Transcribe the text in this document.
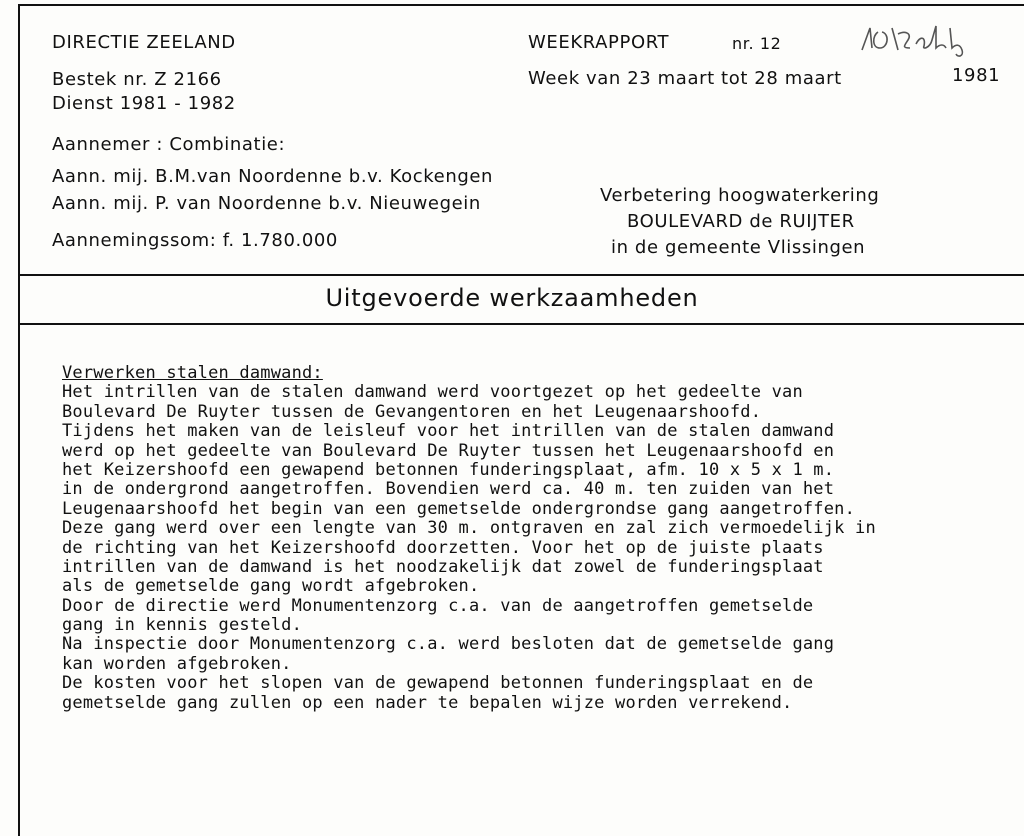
DIRECTIE ZEELAND
Bestek nr. Z 2166
Dienst 1981 - 1982
WEEKRAPPORT	nr. 12
Week van 23 maart tot 28 maart	1981
Aannemer : Combinatie:
Aann. mij. B.M.van Noordenne b.v. Kockengen
Aann. mij. P. van Noordenne b.v. Nieuwegein
Aannemingssom: f. 1.780.000
Verbetering hoogwaterkering
BOULEVARD de RUIJTER
in de gemeente Vlissingen
Uitgevoerde werkzaamheden
Verwerken stalen damwand:
Het intrillen van de stalen damwand werd voortgezet op het gedeelte van
Boulevard De Ruyter tussen de Gevangentoren en het Leugenaarshoofd.
Tijdens het maken van de leisleuf voor het intrillen van de stalen damwand
werd op het gedeelte van Boulevard De Ruyter tussen het Leugenaarshoofd en
het Keizershoofd een gewapend betonnen funderingsplaat, afm. 10 x 5 x 1 m.
in de ondergrond aangetroffen. Bovendien werd ca. 40 m. ten zuiden van het
Leugenaarshoofd het begin van een gemetselde ondergrondse gang aangetroffen.
Deze gang werd over een lengte van 30 m. ontgraven en zal zich vermoedelijk in
de richting van het Keizershoofd doorzetten. Voor het op de juiste plaats
intrillen van de damwand is het noodzakelijk dat zowel de funderingsplaat
als de gemetselde gang wordt afgebroken.
Door de directie werd Monumentenzorg c.a. van de aangetroffen gemetselde
gang in kennis gesteld.
Na inspectie door Monumentenzorg c.a. werd besloten dat de gemetselde gang
kan worden afgebroken.
De kosten voor het slopen van de gewapend betonnen funderingsplaat en de
gemetselde gang zullen op een nader te bepalen wijze worden verrekend.
